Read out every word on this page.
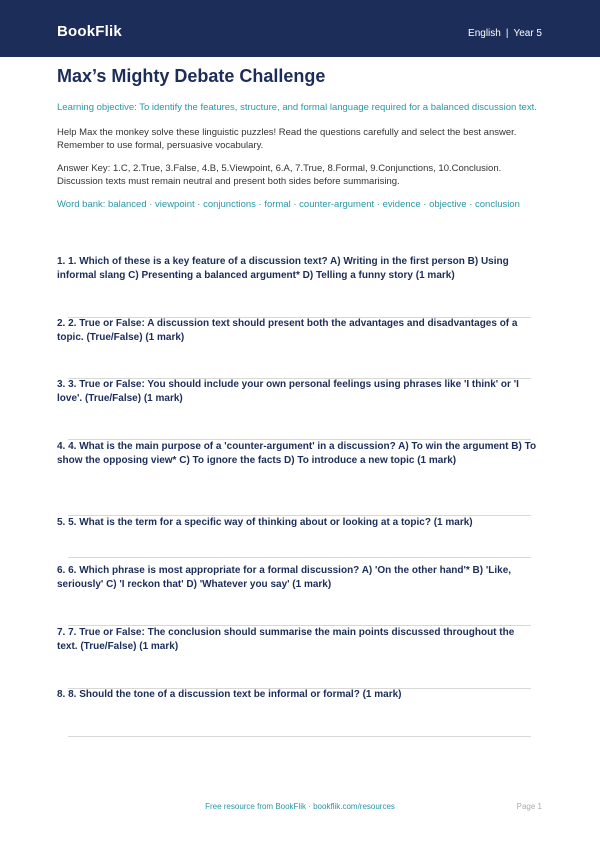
BookFlik	English | Year 5
Max’s Mighty Debate Challenge
Learning objective: To identify the features, structure, and formal language required for a balanced discussion text.
Help Max the monkey solve these linguistic puzzles! Read the questions carefully and select the best answer. Remember to use formal, persuasive vocabulary.
Answer Key: 1.C, 2.True, 3.False, 4.B, 5.Viewpoint, 6.A, 7.True, 8.Formal, 9.Conjunctions, 10.Conclusion. Discussion texts must remain neutral and present both sides before summarising.
Word bank: balanced · viewpoint · conjunctions · formal · counter-argument · evidence · objective · conclusion
1. 1. Which of these is a key feature of a discussion text? A) Writing in the first person B) Using informal slang C) Presenting a balanced argument* D) Telling a funny story (1 mark)
2. 2. True or False: A discussion text should present both the advantages and disadvantages of a topic. (True/False) (1 mark)
3. 3. True or False: You should include your own personal feelings using phrases like 'I think' or 'I love'. (True/False) (1 mark)
4. 4. What is the main purpose of a 'counter-argument' in a discussion? A) To win the argument B) To show the opposing view* C) To ignore the facts D) To introduce a new topic (1 mark)
5. 5. What is the term for a specific way of thinking about or looking at a topic? (1 mark)
6. 6. Which phrase is most appropriate for a formal discussion? A) 'On the other hand'* B) 'Like, seriously' C) 'I reckon that' D) 'Whatever you say' (1 mark)
7. 7. True or False: The conclusion should summarise the main points discussed throughout the text. (True/False) (1 mark)
8. 8. Should the tone of a discussion text be informal or formal? (1 mark)
Free resource from BookFlik · bookflik.com/resources	Page 1
